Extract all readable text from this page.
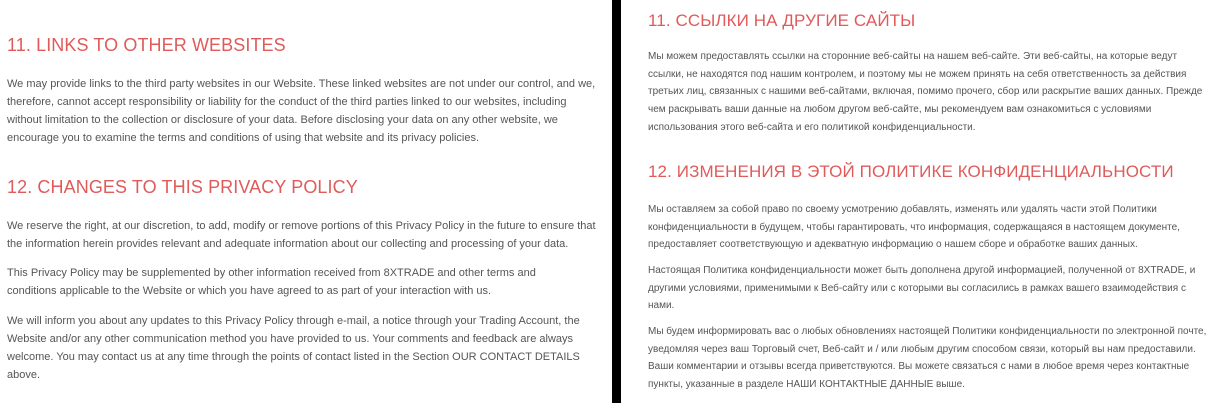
11. LINKS TO OTHER WEBSITES

We may provide links to the third party websites in our Website. These linked websites are not under our control, and we, therefore, cannot accept responsibility or liability for the conduct of the third parties linked to our websites, including without limitation to the collection or disclosure of your data. Before disclosing your data on any other website, we encourage you to examine the terms and conditions of using that website and its privacy policies.

12. CHANGES TO THIS PRIVACY POLICY

We reserve the right, at our discretion, to add, modify or remove portions of this Privacy Policy in the future to ensure that the information herein provides relevant and adequate information about our collecting and processing of your data.

This Privacy Policy may be supplemented by other information received from 8XTRADE and other terms and conditions applicable to the Website or which you have agreed to as part of your interaction with us.

We will inform you about any updates to this Privacy Policy through e-mail, a notice through your Trading Account, the Website and/or any other communication method you have provided to us. Your comments and feedback are always welcome. You may contact us at any time through the points of contact listed in the Section OUR CONTACT DETAILS above.

11. ССЫЛКИ НА ДРУГИЕ САЙТЫ

Мы можем предоставлять ссылки на сторонние веб-сайты на нашем веб-сайте. Эти веб-сайты, на которые ведут ссылки, не находятся под нашим контролем, и поэтому мы не можем принять на себя ответственность за действия третьих лиц, связанных с нашими веб-сайтами, включая, помимо прочего, сбор или раскрытие ваших данных. Прежде чем раскрывать ваши данные на любом другом веб-сайте, мы рекомендуем вам ознакомиться с условиями использования этого веб-сайта и его политикой конфиденциальности.

12. ИЗМЕНЕНИЯ В ЭТОЙ ПОЛИТИКЕ КОНФИДЕНЦИАЛЬНОСТИ

Мы оставляем за собой право по своему усмотрению добавлять, изменять или удалять части этой Политики конфиденциальности в будущем, чтобы гарантировать, что информация, содержащаяся в настоящем документе, предоставляет соответствующую и адекватную информацию о нашем сборе и обработке ваших данных.

Настоящая Политика конфиденциальности может быть дополнена другой информацией, полученной от 8XTRADE, и другими условиями, применимыми к Веб-сайту или с которыми вы согласились в рамках вашего взаимодействия с нами.

Мы будем информировать вас о любых обновлениях настоящей Политики конфиденциальности по электронной почте, уведомляя через ваш Торговый счет, Веб-сайт и / или любым другим способом связи, который вы нам предоставили. Ваши комментарии и отзывы всегда приветствуются. Вы можете связаться с нами в любое время через контактные пункты, указанные в разделе НАШИ КОНТАКТНЫЕ ДАННЫЕ выше.
